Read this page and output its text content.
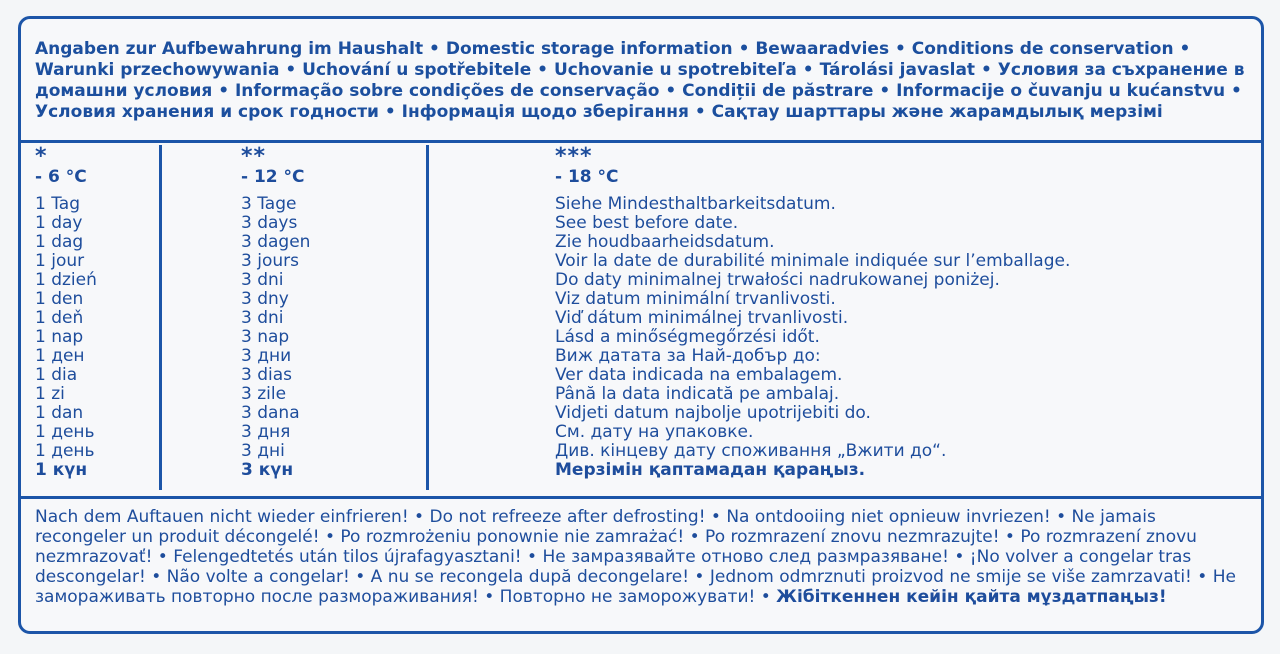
Angaben zur Aufbewahrung im Haushalt • Domestic storage information • Bewaaradvies • Conditions de conservation • Warunki przechowywania • Uchování u spotřebitele • Uchovanie u spotrebiteľa • Tárolási javaslat • Условия за съхранение в домашни условия • Informação sobre condições de conservação • Condiții de păstrare • Informacije o čuvanju u kućanstvu • Условия хранения и срок годности • Інформація щодо зберігання • Сақтау шарттары және жарамдылық мерзімі
*
- 6 °C
1 Tag
1 day
1 dag
1 jour
1 dzień
1 den
1 deň
1 nap
1 ден
1 dia
1 zi
1 dan
1 день
1 день
1 күн
**
- 12 °C
3 Tage
3 days
3 dagen
3 jours
3 dni
3 dny
3 dni
3 nap
3 дни
3 dias
3 zile
3 dana
3 дня
3 дні
3 күн
***
- 18 °C
Siehe Mindesthaltbarkeitsdatum.
See best before date.
Zie houdbaarheidsdatum.
Voir la date de durabilité minimale indiquée sur l’emballage.
Do daty minimalnej trwałości nadrukowanej poniżej.
Viz datum minimální trvanlivosti.
Viď dátum minimálnej trvanlivosti.
Lásd a minőségmegőrzési időt.
Виж датата за Най-добър до:
Ver data indicada na embalagem.
Până la data indicată pe ambalaj.
Vidjeti datum najbolje upotrijebiti do.
См. дату на упаковке.
Див. кінцеву дату споживання „Вжити до“.
Мерзімін қаптамадан қараңыз.
Nach dem Auftauen nicht wieder einfrieren! • Do not refreeze after defrosting! • Na ontdooiing niet opnieuw invriezen! • Ne jamais recongeler un produit décongelé! • Po rozmrożeniu ponownie nie zamrażać! • Po rozmrazení znovu nezmrazujte! • Po rozmrazení znovu nezmrazovať! • Felengedtetés után tilos újrafagyasztani! • Не замразявайте отново след размразяване! • ¡No volver a congelar tras descongelar! • Não volte a congelar! • A nu se recongela după decongelare! • Jednom odmrznuti proizvod ne smije se više zamrzavati! • Не замораживать повторно после размораживания! • Повторно не заморожувати! • Жібіткеннен кейін қайта мұздатпаңыз!
